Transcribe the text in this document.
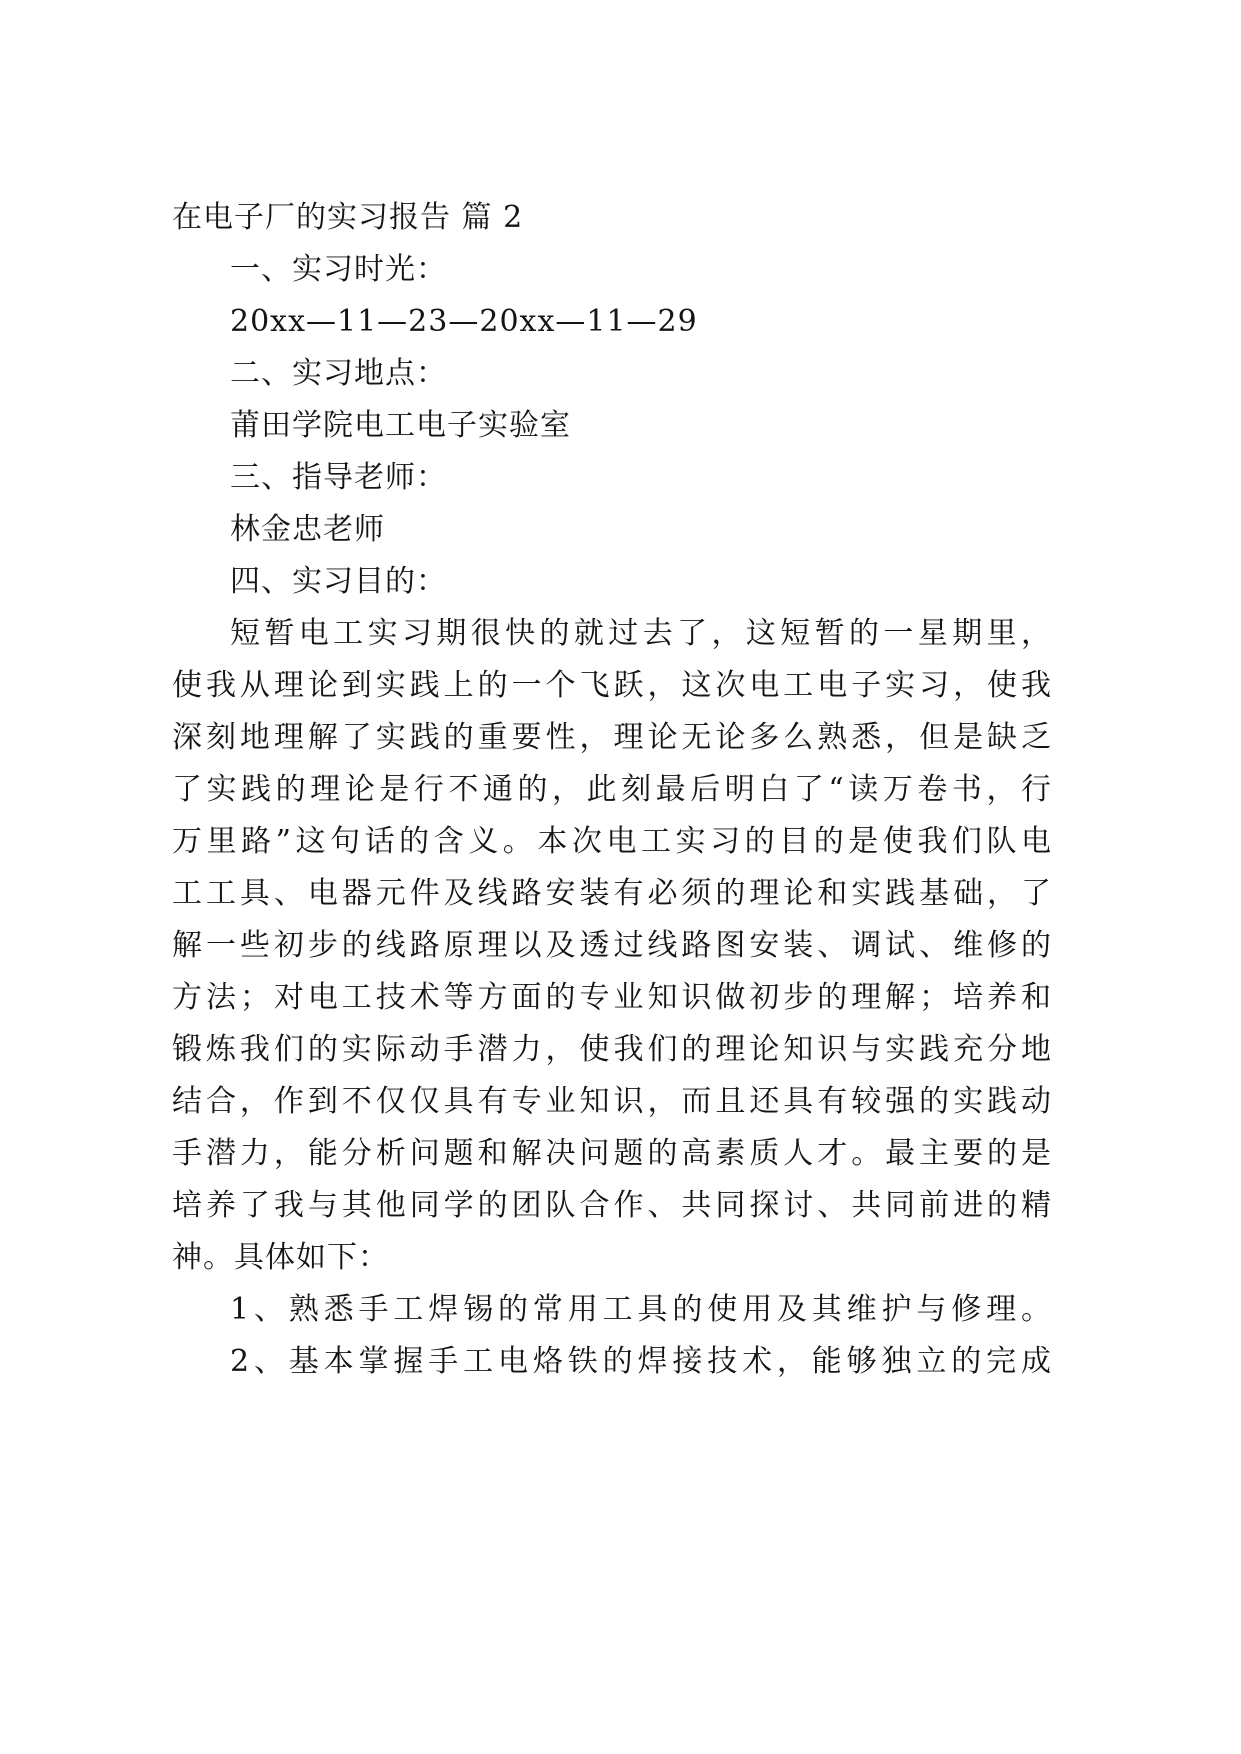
在电子厂的实习报告 篇 2
一、实习时光：
20xx—11—23—20xx—11—29
二、实习地点：
莆田学院电工电子实验室
三、指导老师：
林金忠老师
四、实习目的：
短暂电工实习期很快的就过去了，这短暂的一星期里，
使我从理论到实践上的一个飞跃，这次电工电子实习，使我
深刻地理解了实践的重要性，理论无论多么熟悉，但是缺乏
了实践的理论是行不通的，此刻最后明白了“读万卷书，行
万里路”这句话的含义。本次电工实习的目的是使我们队电
工工具、电器元件及线路安装有必须的理论和实践基础，了
解一些初步的线路原理以及透过线路图安装、调试、维修的
方法；对电工技术等方面的专业知识做初步的理解；培养和
锻炼我们的实际动手潜力，使我们的理论知识与实践充分地
结合，作到不仅仅具有专业知识，而且还具有较强的实践动
手潜力，能分析问题和解决问题的高素质人才。最主要的是
培养了我与其他同学的团队合作、共同探讨、共同前进的精
神。具体如下：
1、熟悉手工焊锡的常用工具的使用及其维护与修理。
2、基本掌握手工电烙铁的焊接技术，能够独立的完成
